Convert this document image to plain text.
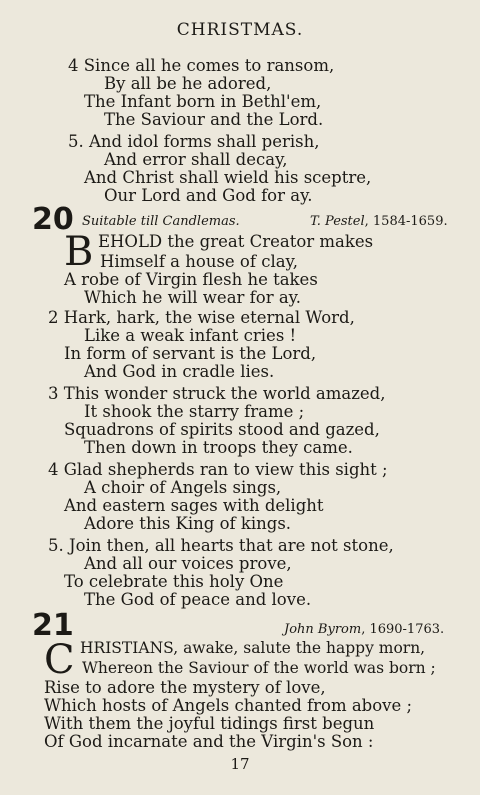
CHRISTMAS.
4 Since all he comes to ransom,
By all be he adored,
The Infant born in Bethl'em,
The Saviour and the Lord.
5. And idol forms shall perish,
And error shall decay,
And Christ shall wield his sceptre,
Our Lord and God for ay.
20 Suitable till Candlemas.	T. Pestel, 1584-1659.
B EHOLD the great Creator makes
Himself a house of clay,
A robe of Virgin flesh he takes
Which he will wear for ay.
2 Hark, hark, the wise eternal Word,
Like a weak infant cries !
In form of servant is the Lord,
And God in cradle lies.
3 This wonder struck the world amazed,
It shook the starry frame ;
Squadrons of spirits stood and gazed,
Then down in troops they came.
4 Glad shepherds ran to view this sight ;
A choir of Angels sings,
And eastern sages with delight
Adore this King of kings.
5. Join then, all hearts that are not stone,
And all our voices prove,
To celebrate this holy One
The God of peace and love.
21	John Byrom, 1690-1763.
C HRISTIANS, awake, salute the happy morn,
Whereon the Saviour of the world was born ;
Rise to adore the mystery of love,
Which hosts of Angels chanted from above ;
With them the joyful tidings first begun
Of God incarnate and the Virgin's Son :
17
